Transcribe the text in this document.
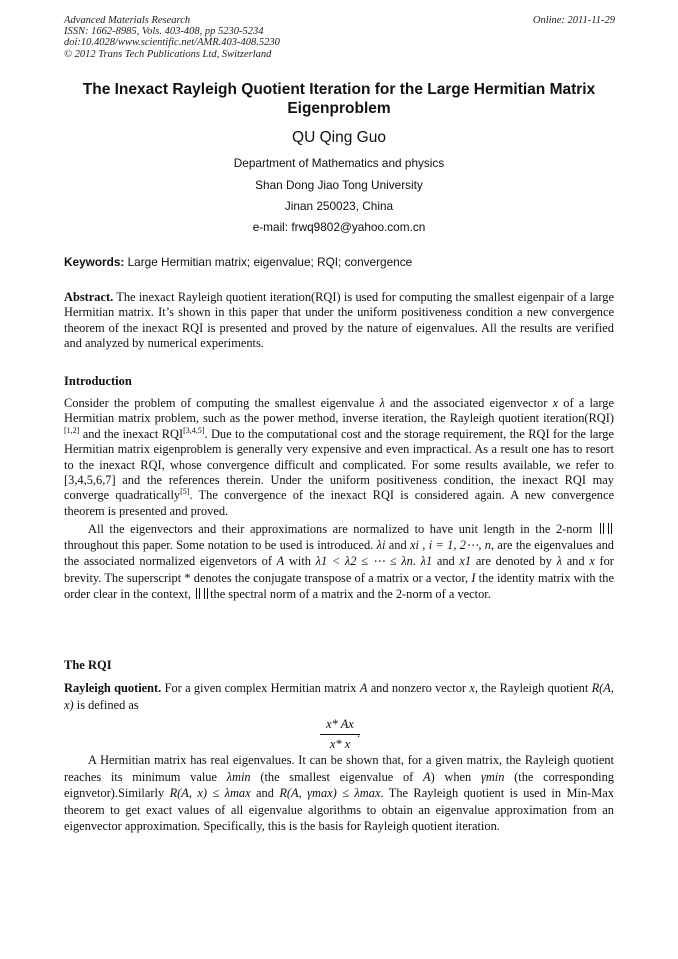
Advanced Materials Research
ISSN: 1662-8985, Vols. 403-408, pp 5230-5234
doi:10.4028/www.scientific.net/AMR.403-408.5230
© 2012 Trans Tech Publications Ltd, Switzerland
Online: 2011-11-29
The Inexact Rayleigh Quotient Iteration for the Large Hermitian Matrix
Eigenproblem
QU Qing Guo
Department of Mathematics and physics
Shan Dong Jiao Tong University
Jinan 250023, China
e-mail: frwq9802@yahoo.com.cn
Keywords: Large Hermitian matrix; eigenvalue; RQI; convergence
Abstract. The inexact Rayleigh quotient iteration(RQI) is used for computing the smallest eigenpair of a large Hermitian matrix. It’s shown in this paper that under the uniform positiveness condition a new convergence theorem of the inexact RQI is presented and proved by the nature of eigenvalues. All the results are verified and analyzed by numerical experiments.
Introduction
Consider the problem of computing the smallest eigenvalue λ and the associated eigenvector x of a large Hermitian matrix problem, such as the power method, inverse iteration, the Rayleigh quotient iteration(RQI)[1,2] and the inexact RQI[3,4,5]. Due to the computational cost and the storage requirement, the RQI for the large Hermitian matrix eigenproblem is generally very expensive and even impractical. As a result one has to resort to the inexact RQI, whose convergence difficult and complicated. For some results available, we refer to [3,4,5,6,7] and the references therein. Under the uniform positiveness condition, the inexact RQI may converge quadratically[5]. The convergence of the inexact RQI is considered again. A new convergence theorem is presented and proved.
All the eigenvectors and their approximations are normalized to have unit length in the 2-norm  throughout this paper. Some notation to be used is introduced. λi and xi , i = 1, 2⋯, n, are the eigenvalues and the associated normalized eigenvetors of A with λ1 < λ2 ≤ ⋯ ≤ λn. λ1 and x1 are denoted by λ and x for brevity. The superscript * denotes the conjugate transpose of a matrix or a vector, I the identity matrix with the order clear in the context, the spectral norm of a matrix and the 2-norm of a vector.
The RQI
Rayleigh quotient. For a given complex Hermitian matrix A and nonzero vector x, the Rayleigh quotient R(A, x) is defined as
x* Ax
x* x
.
A Hermitian matrix has real eigenvalues. It can be shown that, for a given matrix, the Rayleigh quotient reaches its minimum value λmin (the smallest eigenvalue of A) when γmin (the corresponding eignvetor).Similarly R(A, x) ≤ λmax and R(A, γmax) ≤ λmax. The Rayleigh quotient is used in Min-Max theorem to get exact values of all eigenvalue algorithms to obtain an eigenvalue approximation from an eigenvector approximation. Specifically, this is the basis for Rayleigh quotient iteration.
